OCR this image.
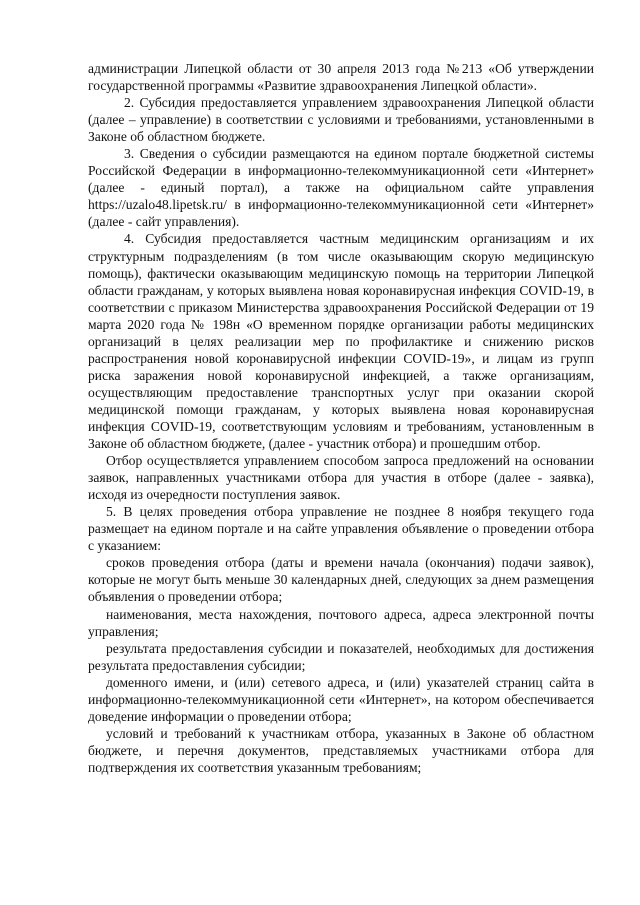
администрации Липецкой области от 30 апреля 2013 года №213 «Об утверждении государственной программы «Развитие здравоохранения Липецкой области».

2. Субсидия предоставляется управлением здравоохранения Липецкой области (далее – управление) в соответствии с условиями и требованиями, установленными в Законе об областном бюджете.

3. Сведения о субсидии размещаются на едином портале бюджетной системы Российской Федерации в информационно-телекоммуникационной сети «Интернет» (далее - единый портал), а также на официальном сайте управления https://uzalo48.lipetsk.ru/ в информационно-телекоммуникационной сети «Интернет» (далее - сайт управления).

4. Субсидия предоставляется частным медицинским организациям и их структурным подразделениям (в том числе оказывающим скорую медицинскую помощь), фактически оказывающим медицинскую помощь на территории Липецкой области гражданам, у которых выявлена новая коронавирусная инфекция COVID-19, в соответствии с приказом Министерства здравоохранения Российской Федерации от 19 марта 2020 года № 198н «О временном порядке организации работы медицинских организаций в целях реализации мер по профилактике и снижению рисков распространения новой коронавирусной инфекции COVID-19», и лицам из групп риска заражения новой коронавирусной инфекцией, а также организациям, осуществляющим предоставление транспортных услуг при оказании скорой медицинской помощи гражданам, у которых выявлена новая коронавирусная инфекция COVID-19, соответствующим условиям и требованиям, установленным в Законе об областном бюджете, (далее - участник отбора) и прошедшим отбор.

Отбор осуществляется управлением способом запроса предложений на основании заявок, направленных участниками отбора для участия в отборе (далее - заявка), исходя из очередности поступления заявок.

5. В целях проведения отбора управление не позднее 8 ноября текущего года размещает на едином портале и на сайте управления объявление о проведении отбора с указанием:

сроков проведения отбора (даты и времени начала (окончания) подачи заявок), которые не могут быть меньше 30 календарных дней, следующих за днем размещения объявления о проведении отбора;

наименования, места нахождения, почтового адреса, адреса электронной почты управления;

результата предоставления субсидии и показателей, необходимых для достижения результата предоставления субсидии;

доменного имени, и (или) сетевого адреса, и (или) указателей страниц сайта в информационно-телекоммуникационной сети «Интернет», на котором обеспечивается доведение информации о проведении отбора;

условий и требований к участникам отбора, указанных в Законе об областном бюджете, и перечня документов, представляемых участниками отбора для подтверждения их соответствия указанным требованиям;
